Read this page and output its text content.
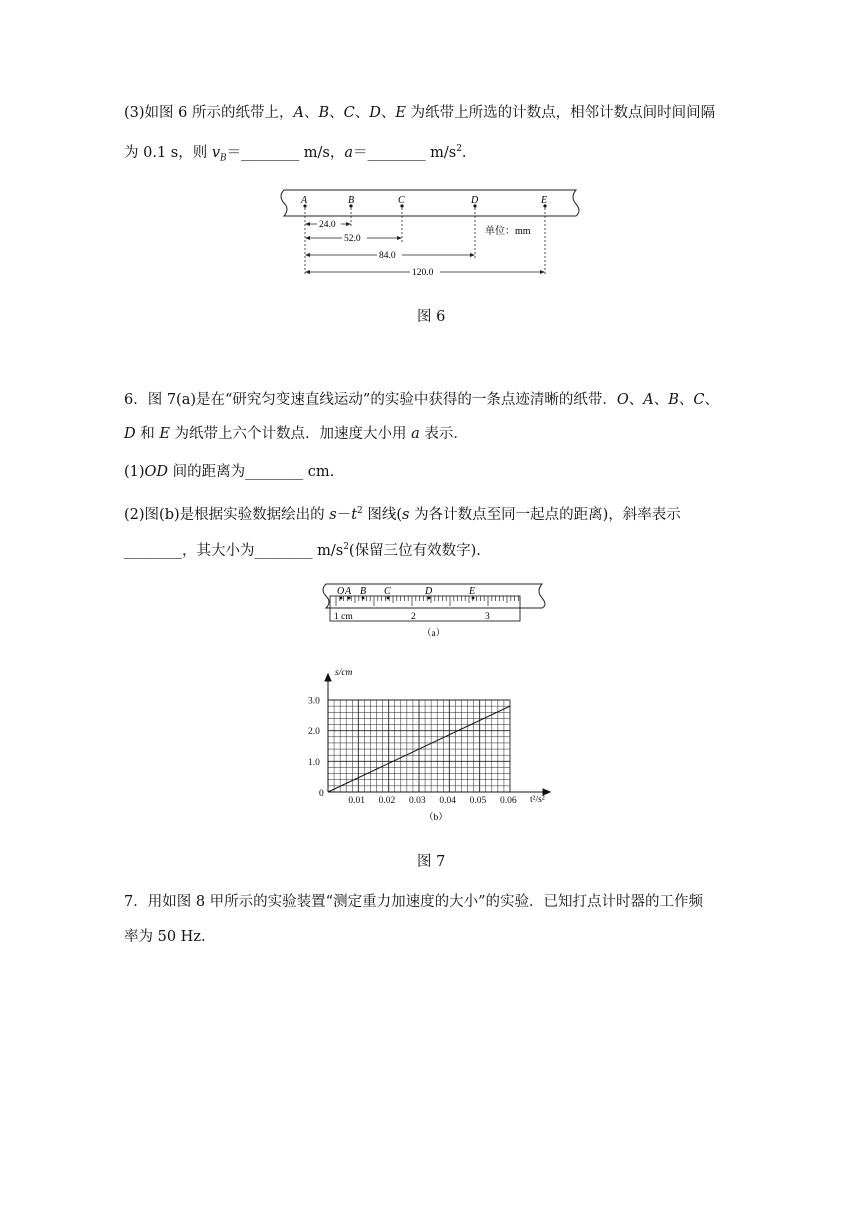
(3)如图 6 所示的纸带上，A、B、C、D、E 为纸带上所选的计数点，相邻计数点间时间间隔
为 0.1 s，则 $v_B=\_\_\_\_\_\_\_\_$ m/s，a＝________ $m/s^2$.
A	B	C	D	E
24.0
52.0
84.0
120.0
单位：mm
图 6
6．图 7(a)是在“研究匀变速直线运动”的实验中获得的一条点迹清晰的纸带．O、A、B、C、
D 和 E 为纸带上六个计数点．加速度大小用 a 表示．
(1)OD 间的距离为________ cm.
(2)图(b)是根据实验数据绘出的 $s-t^2$ 图线(s 为各计数点至同一起点的距离)，斜率表示
________，其大小为________ $m/s^2$(保留三位有效数字).
O A B C	D	E
1 cm	2	3
（a）
0.01 0.02 0.03 0.04 0.05 0.06
1.0
2.0
3.0
s/cm
t²/s²
0
（b）
图 7
7．用如图 8 甲所示的实验装置“测定重力加速度的大小”的实验．已知打点计时器的工作频
率为 50 Hz.
